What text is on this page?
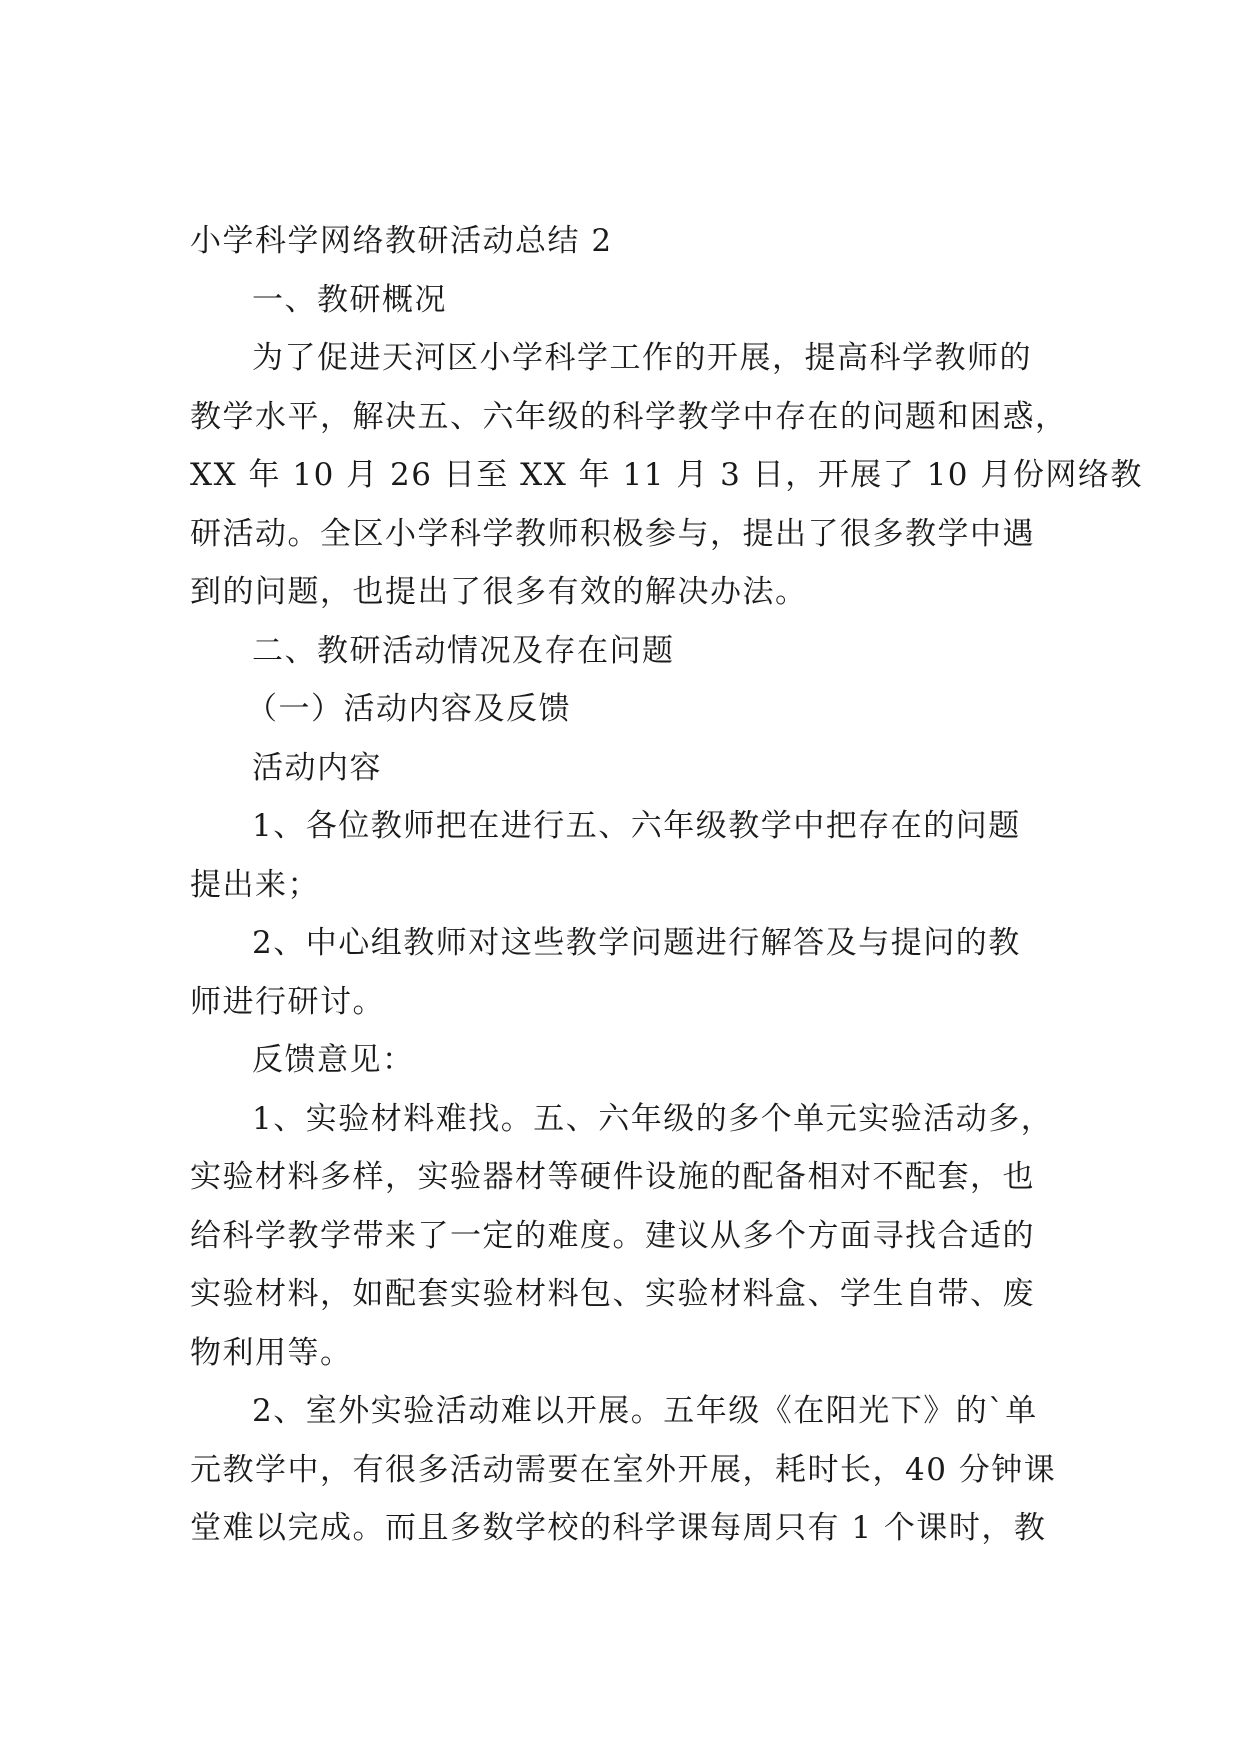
小学科学网络教研活动总结 2

一、教研概况

为了促进天河区小学科学工作的开展，提高科学教师的

教学水平，解决五、六年级的科学教学中存在的问题和困惑，

XX 年 10 月 26 日至 XX 年 11 月 3 日，开展了 10 月份网络教

研活动。全区小学科学教师积极参与，提出了很多教学中遇

到的问题，也提出了很多有效的解决办法。

二、教研活动情况及存在问题

（一）活动内容及反馈

活动内容

1、各位教师把在进行五、六年级教学中把存在的问题

提出来；

2、中心组教师对这些教学问题进行解答及与提问的教

师进行研讨。

反馈意见：

1、实验材料难找。五、六年级的多个单元实验活动多，

实验材料多样，实验器材等硬件设施的配备相对不配套，也

给科学教学带来了一定的难度。建议从多个方面寻找合适的

实验材料，如配套实验材料包、实验材料盒、学生自带、废

物利用等。

2、室外实验活动难以开展。五年级《在阳光下》的`单

元教学中，有很多活动需要在室外开展，耗时长，40 分钟课

堂难以完成。而且多数学校的科学课每周只有 1 个课时，教
